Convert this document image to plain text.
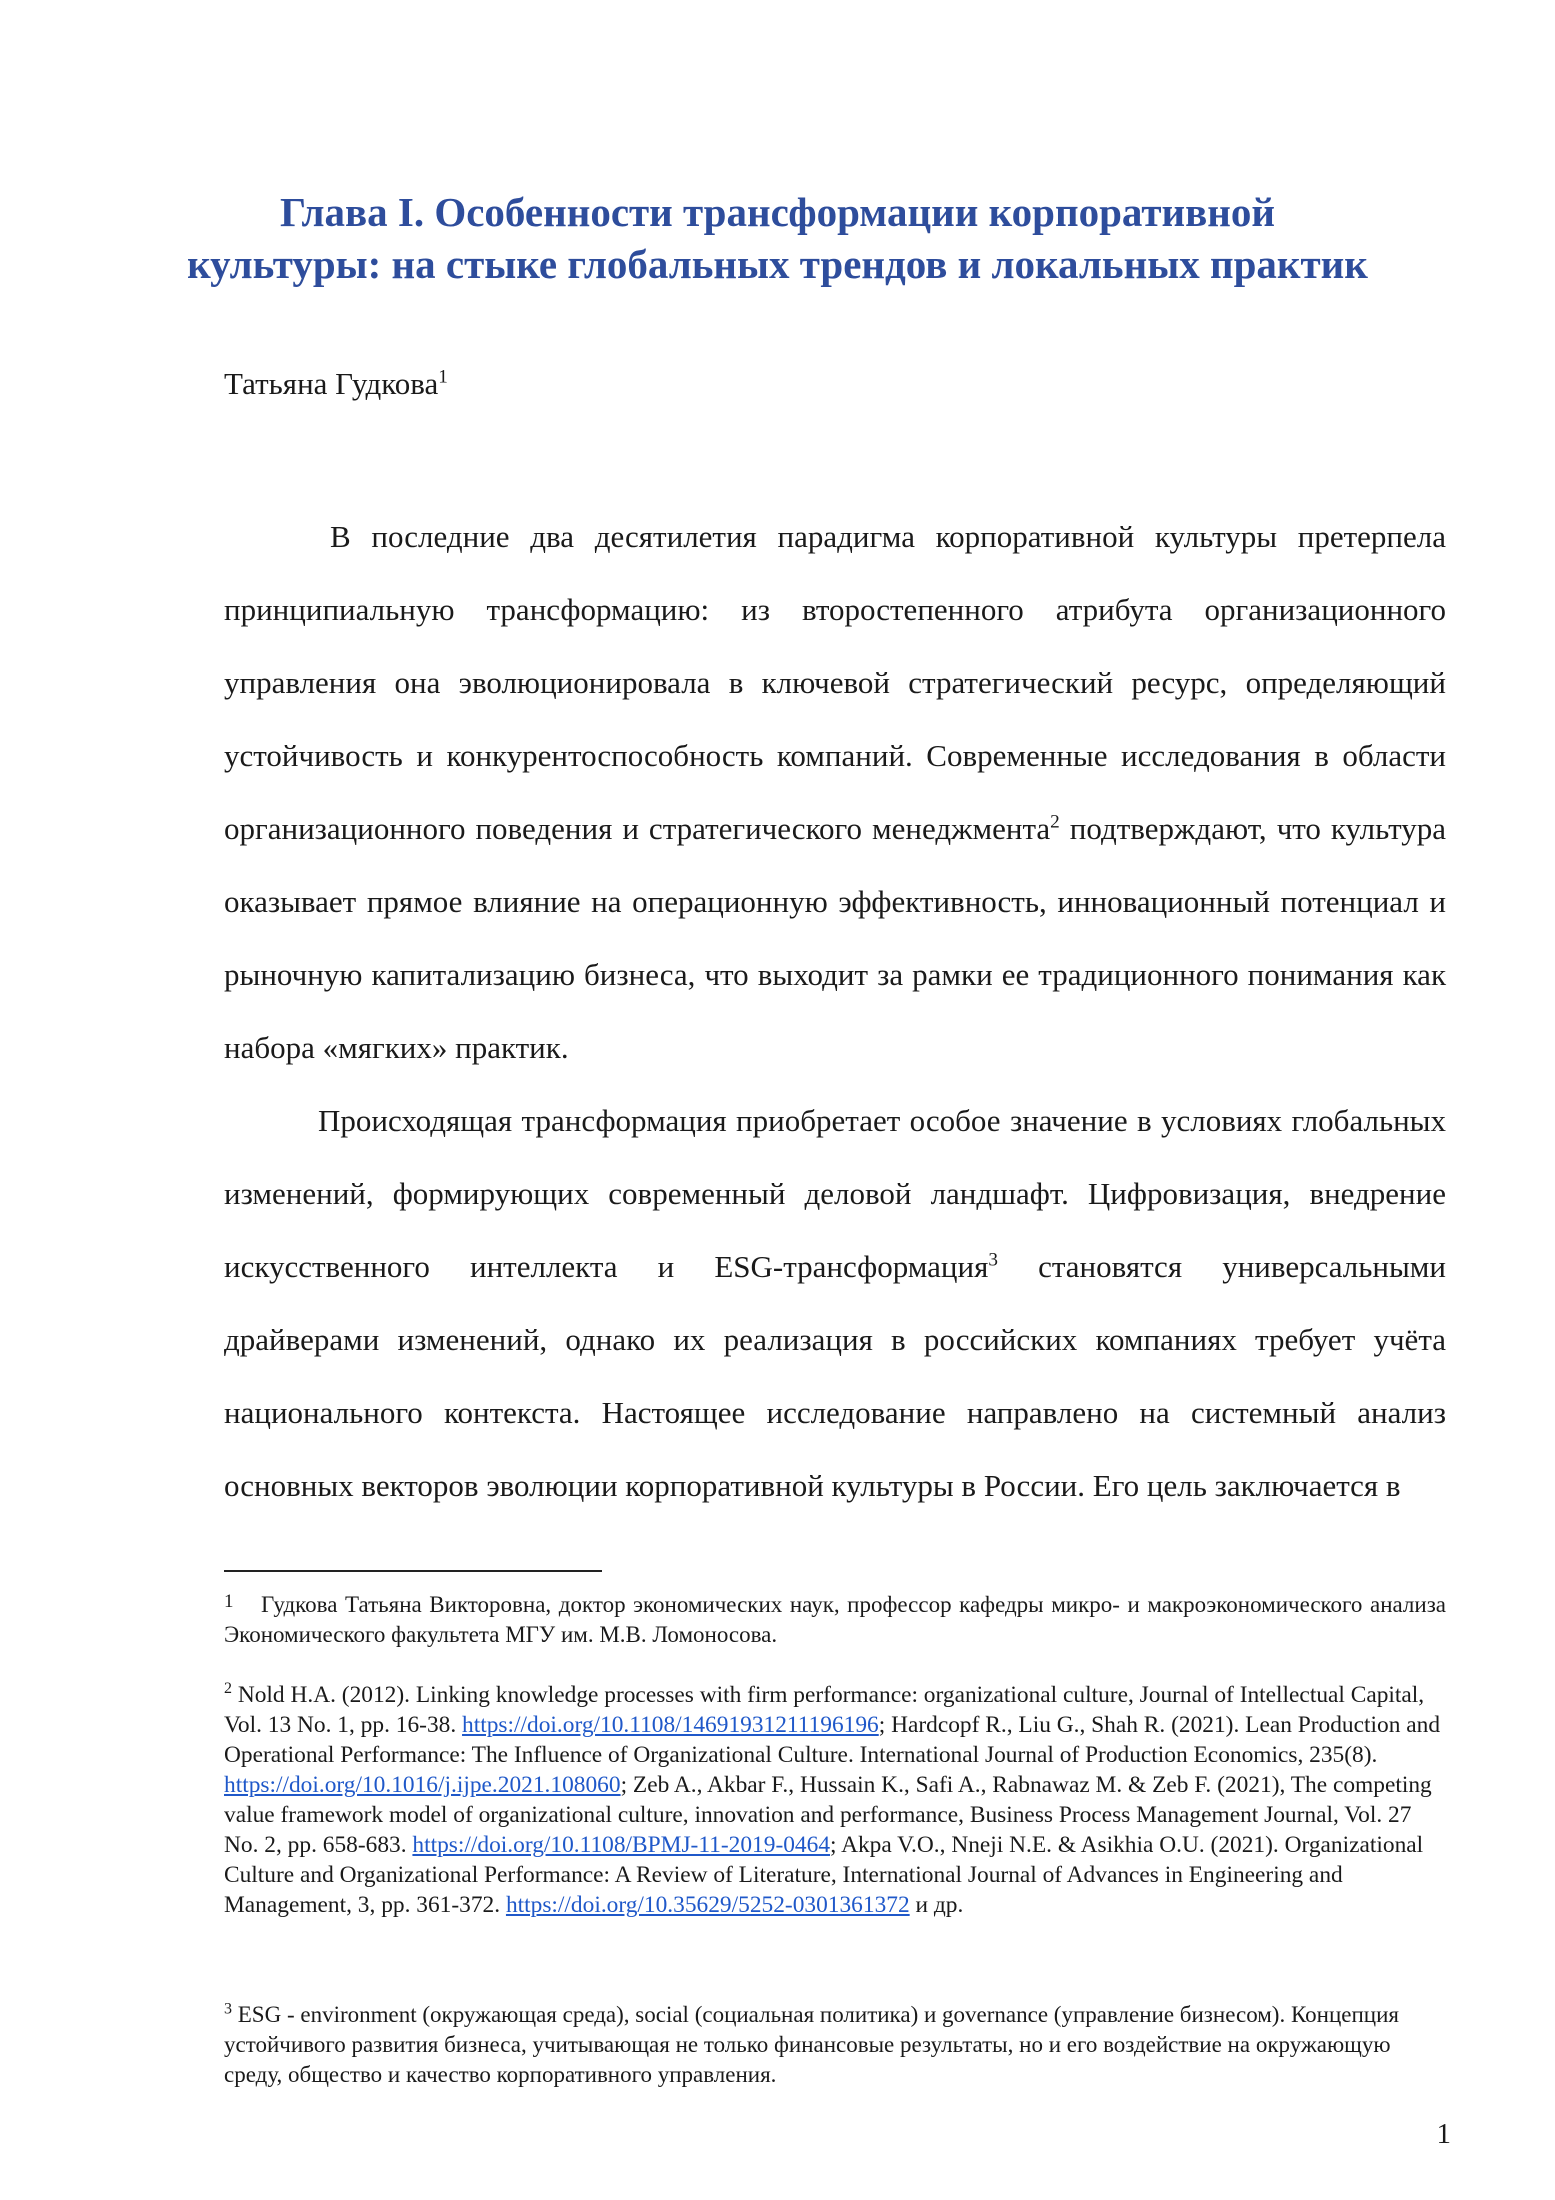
Глава I. Особенности трансформации корпоративной
культуры: на стыке глобальных трендов и локальных практик
Татьяна Гудкова$^1$

В последние два десятилетия парадигма корпоративной культуры претерпела принципиальную трансформацию: из второстепенного атрибута организационного управления она эволюционировала в ключевой стратегический ресурс, определяющий устойчивость и конкурентоспособность компаний. Современные исследования в области организационного поведения и стратегического менеджмента$^2$ подтверждают, что культура оказывает прямое влияние на операционную эффективность, инновационный потенциал и рыночную капитализацию бизнеса, что выходит за рамки ее традиционного понимания как набора «мягких» практик.

Происходящая трансформация приобретает особое значение в условиях глобальных изменений, формирующих современный деловой ландшафт. Цифровизация, внедрение искусственного интеллекта и ESG-трансформация$^3$ становятся универсальными драйверами изменений, однако их реализация в российских компаниях требует учёта национального контекста. Настоящее исследование направлено на системный анализ основных векторов эволюции корпоративной культуры в России. Его цель заключается в

1 Гудкова Татьяна Викторовна, доктор экономических наук, профессор кафедры микро- и макроэкономического анализа Экономического факультета МГУ им. М.В. Ломоносова.
$^2$ Nold H.A. (2012). Linking knowledge processes with firm performance: organizational culture, Journal of Intellectual Capital, Vol. 13 No. 1, pp. 16-38. https://doi.org/10.1108/14691931211196196; Hardcopf R., Liu G., Shah R. (2021). Lean Production and Operational Performance: The Influence of Organizational Culture. International Journal of Production Economics, 235(8). https://doi.org/10.1016/j.ijpe.2021.108060; Zeb A., Akbar F., Hussain K., Safi A., Rabnawaz M. & Zeb F. (2021), The competing value framework model of organizational culture, innovation and performance, Business Process Management Journal, Vol. 27 No. 2, pp. 658-683. https://doi.org/10.1108/BPMJ-11-2019-0464; Akpa V.O., Nneji N.E. & Asikhia O.U. (2021). Organizational Culture and Organizational Performance: A Review of Literature, International Journal of Advances in Engineering and Management, 3, pp. 361-372. https://doi.org/10.35629/5252-0301361372 и др.
$^3$ ESG - environment (окружающая среда), social (социальная политика) и governance (управление бизнесом). Концепция устойчивого развития бизнеса, учитывающая не только финансовые результаты, но и его воздействие на окружающую среду, общество и качество корпоративного управления.
1
